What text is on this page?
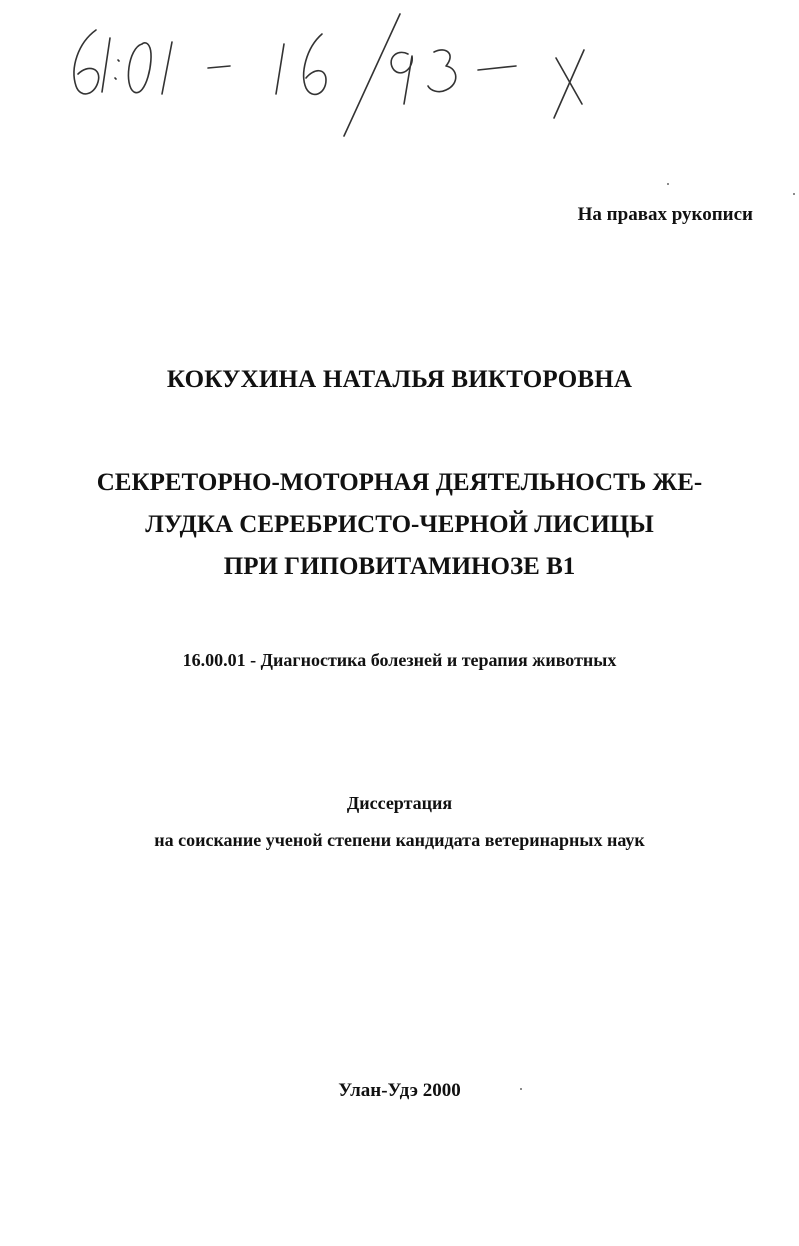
На правах рукописи
КОКУХИНА НАТАЛЬЯ ВИКТОРОВНА
СЕКРЕТОРНО-МОТОРНАЯ ДЕЯТЕЛЬНОСТЬ ЖЕ-
ЛУДКА СЕРЕБРИСТО-ЧЕРНОЙ ЛИСИЦЫ
ПРИ ГИПОВИТАМИНОЗЕ В1
16.00.01 - Диагностика болезней и терапия животных
Диссертация
на соискание ученой степени кандидата ветеринарных наук
Улан-Удэ 2000
